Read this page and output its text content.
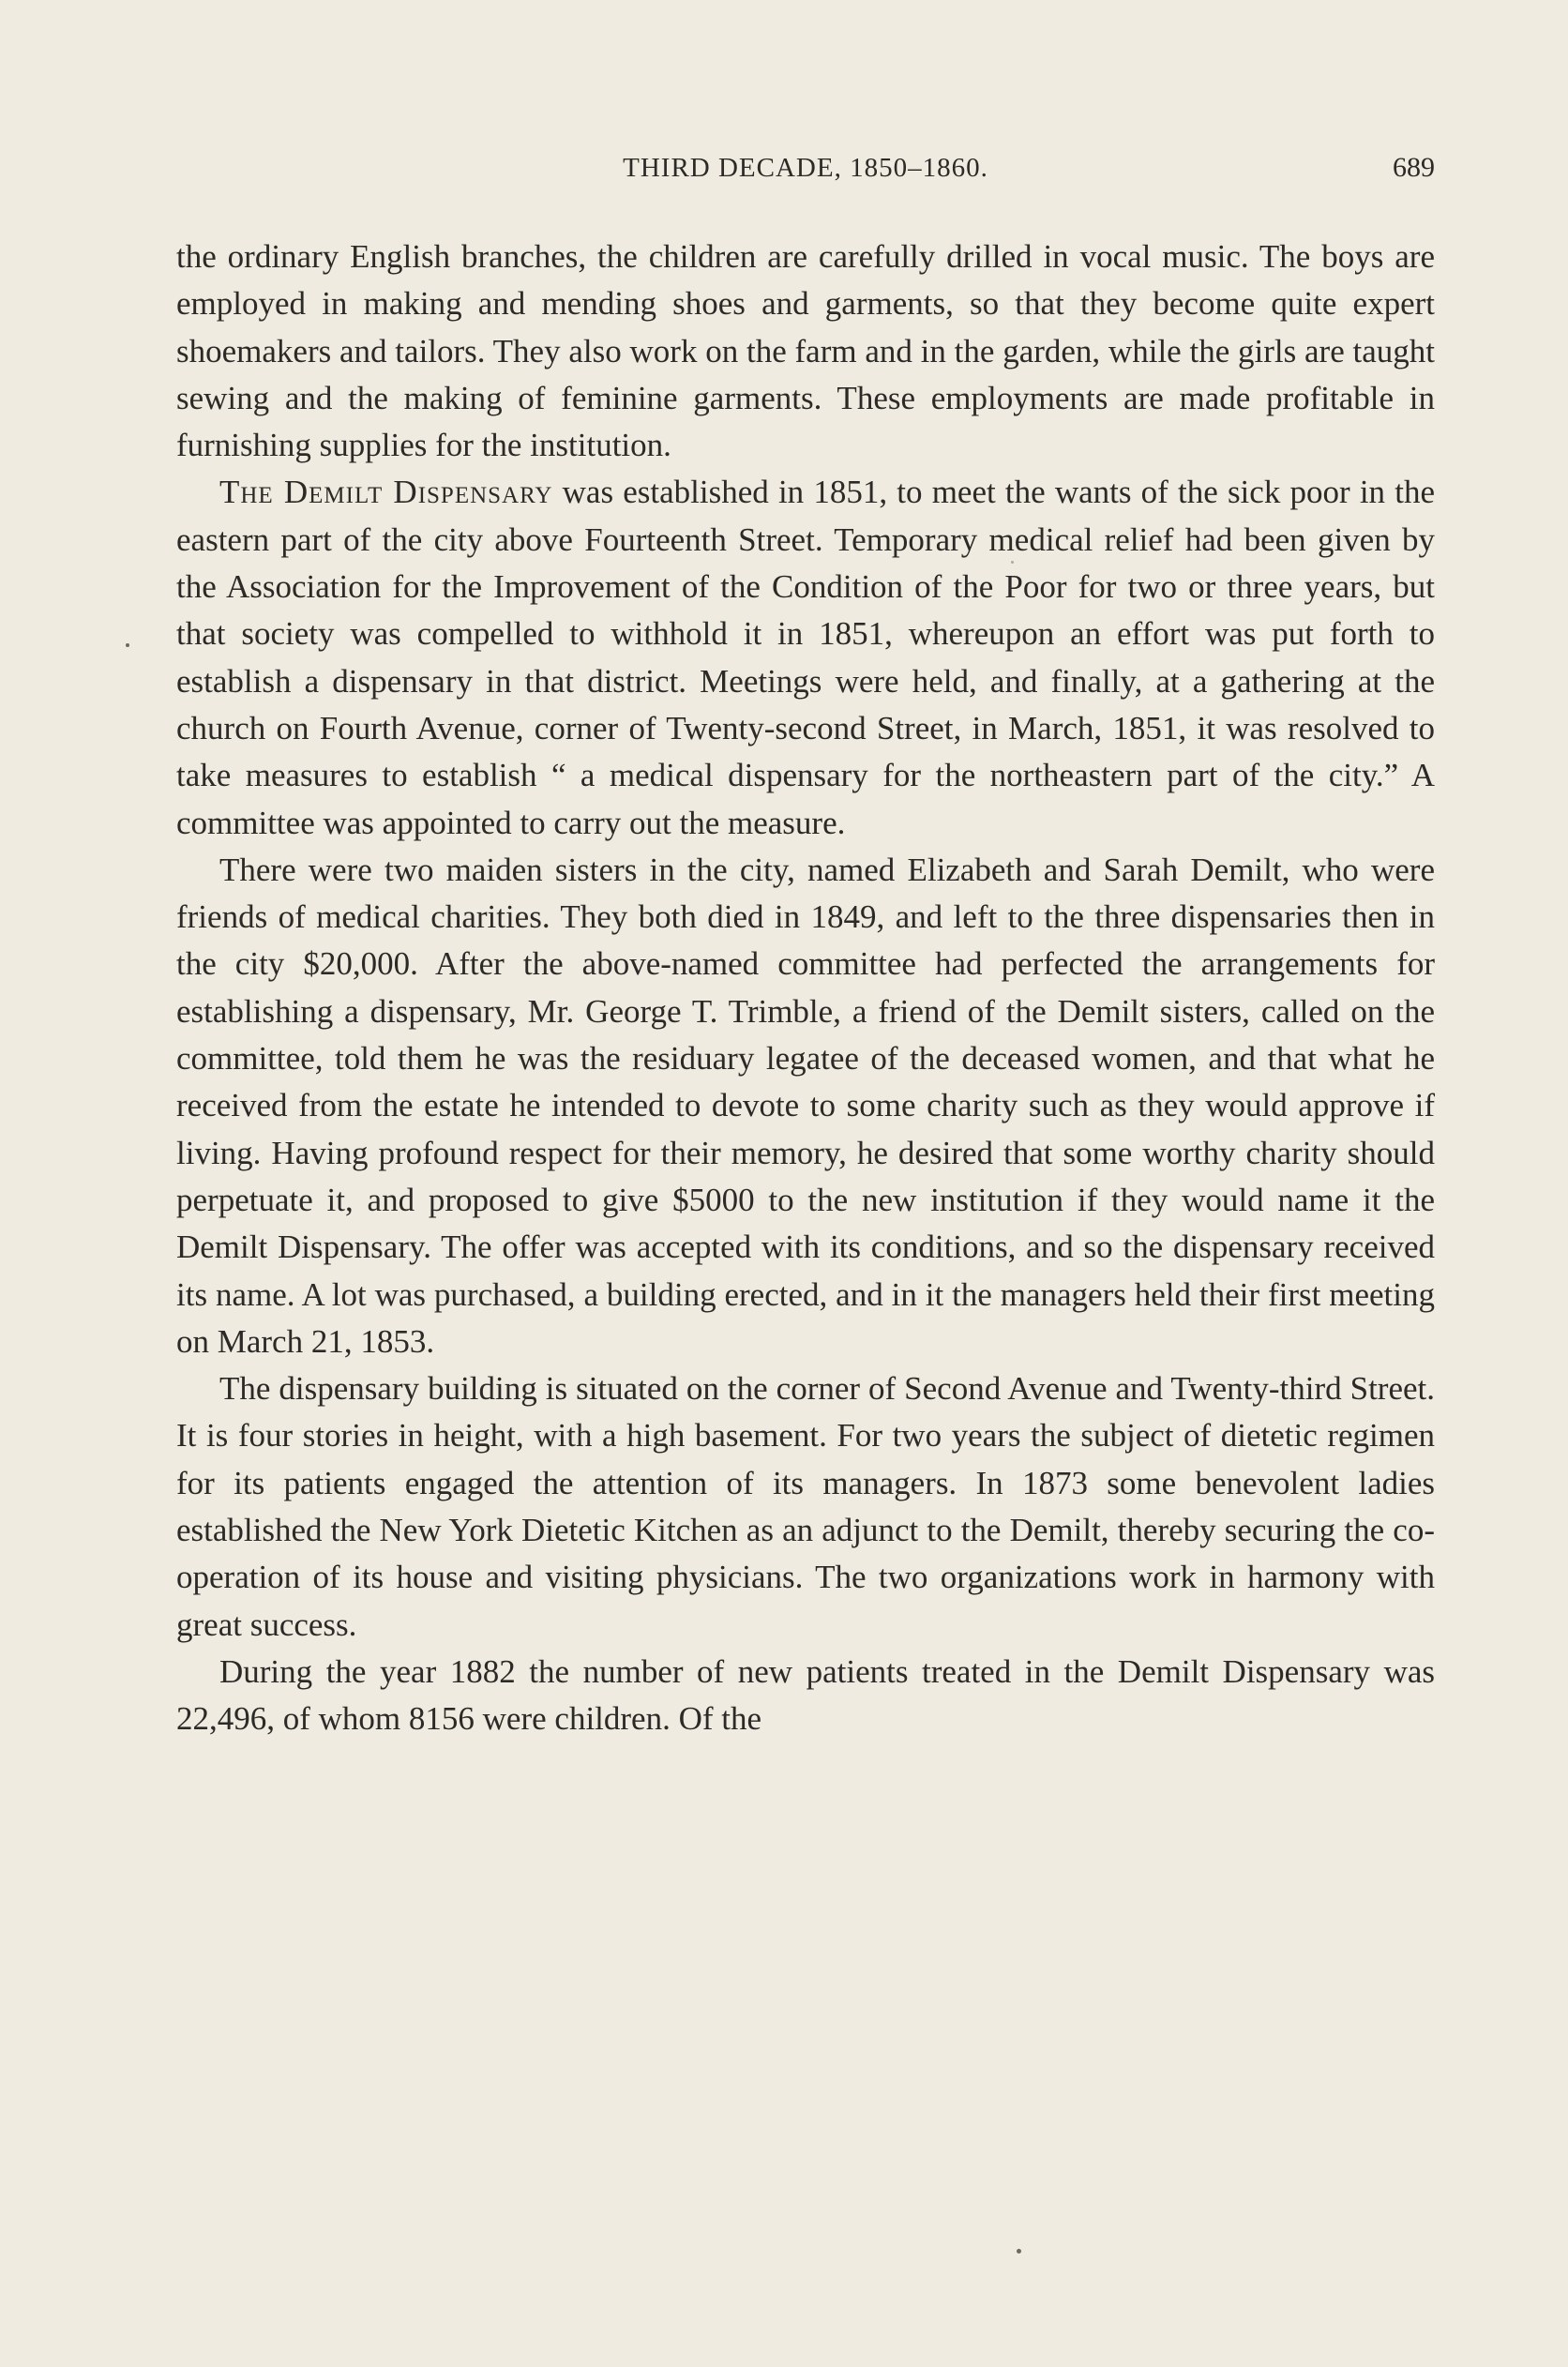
THIRD DECADE, 1850–1860.	689

the ordinary English branches, the children are carefully drilled in vocal music. The boys are employed in making and mending shoes and garments, so that they become quite expert shoemakers and tailors. They also work on the farm and in the garden, while the girls are taught sewing and the making of feminine garments. These employments are made profitable in furnishing supplies for the institution.

The Demilt Dispensary was established in 1851, to meet the wants of the sick poor in the eastern part of the city above Fourteenth Street. Temporary medical relief had been given by the Association for the Improvement of the Condition of the Poor for two or three years, but that society was compelled to withhold it in 1851, whereupon an effort was put forth to establish a dispensary in that district. Meetings were held, and finally, at a gathering at the church on Fourth Avenue, corner of Twenty-second Street, in March, 1851, it was resolved to take measures to establish “ a medical dispensary for the northeastern part of the city.” A committee was appointed to carry out the measure.

There were two maiden sisters in the city, named Elizabeth and Sarah Demilt, who were friends of medical charities. They both died in 1849, and left to the three dispensaries then in the city $20,000. After the above-named committee had perfected the arrangements for establishing a dispensary, Mr. George T. Trimble, a friend of the Demilt sisters, called on the committee, told them he was the residuary legatee of the deceased women, and that what he received from the estate he intended to devote to some charity such as they would approve if living. Having profound respect for their memory, he desired that some worthy charity should perpetuate it, and proposed to give $5000 to the new institution if they would name it the Demilt Dispensary. The offer was accepted with its conditions, and so the dispensary received its name. A lot was purchased, a building erected, and in it the managers held their first meeting on March 21, 1853.

The dispensary building is situated on the corner of Second Avenue and Twenty-third Street. It is four stories in height, with a high basement. For two years the subject of dietetic regimen for its patients engaged the attention of its managers. In 1873 some benevolent ladies established the New York Dietetic Kitchen as an adjunct to the Demilt, thereby securing the co-operation of its house and visiting physicians. The two organizations work in harmony with great success.

During the year 1882 the number of new patients treated in the Demilt Dispensary was 22,496, of whom 8156 were children. Of the
